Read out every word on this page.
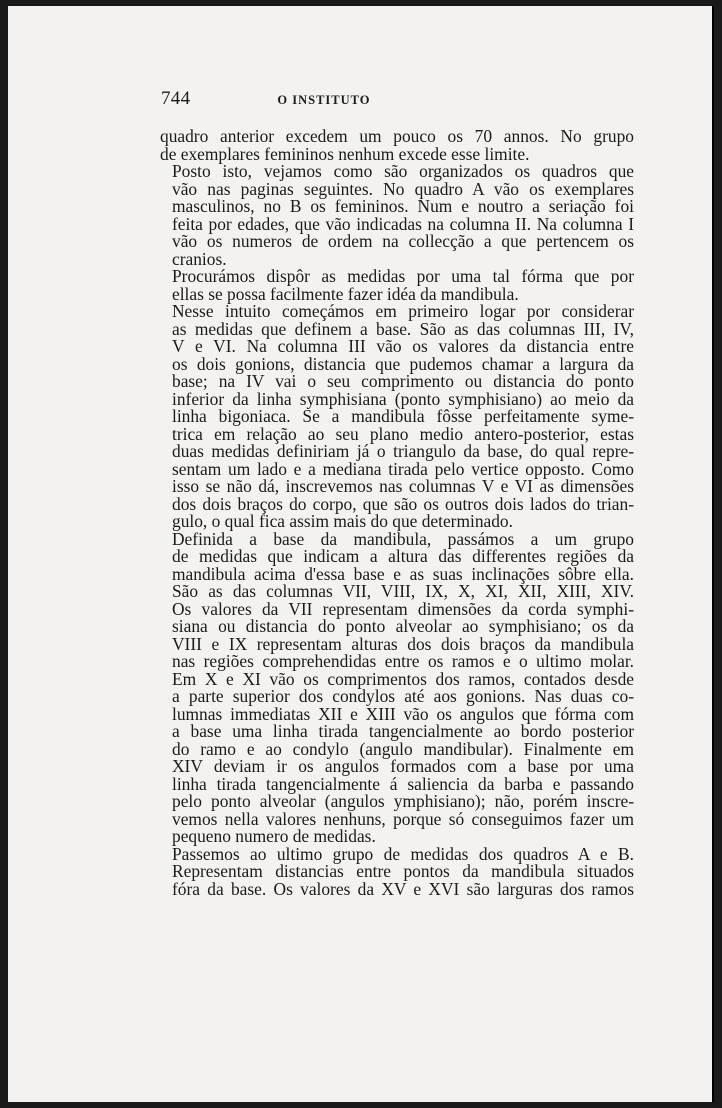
744	O INSTITUTO

quadro anterior excedem um pouco os 70 annos. No grupo
de exemplares femininos nenhum excede esse limite.

Posto isto, vejamos como são organizados os quadros que
vão nas paginas seguintes. No quadro A vão os exemplares
masculinos, no B os femininos. Num e noutro a seriação foi
feita por edades, que vão indicadas na columna II. Na columna I
vão os numeros de ordem na collecção a que pertencem os
cranios.

Procurámos dispôr as medidas por uma tal fórma que por
ellas se possa facilmente fazer idéa da mandibula.

Nesse intuito começámos em primeiro logar por considerar
as medidas que definem a base. São as das columnas III, IV,
V e VI. Na columna III vão os valores da distancia entre
os dois gonions, distancia que pudemos chamar a largura da
base; na IV vai o seu comprimento ou distancia do ponto
inferior da linha symphisiana (ponto symphisiano) ao meio da
linha bigoniaca. Se a mandibula fôsse perfeitamente syme-
trica em relação ao seu plano medio antero-posterior, estas
duas medidas definiriam já o triangulo da base, do qual repre-
sentam um lado e a mediana tirada pelo vertice opposto. Como
isso se não dá, inscrevemos nas columnas V e VI as dimensões
dos dois braços do corpo, que são os outros dois lados do trian-
gulo, o qual fica assim mais do que determinado.

Definida a base da mandibula, passámos a um grupo
de medidas que indicam a altura das differentes regiões da
mandibula acima d'essa base e as suas inclinações sôbre ella.
São as das columnas VII, VIII, IX, X, XI, XII, XIII, XIV.
Os valores da VII representam dimensões da corda symphi-
siana ou distancia do ponto alveolar ao symphisiano; os da
VIII e IX representam alturas dos dois braços da mandibula
nas regiões comprehendidas entre os ramos e o ultimo molar.
Em X e XI vão os comprimentos dos ramos, contados desde
a parte superior dos condylos até aos gonions. Nas duas co-
lumnas immediatas XII e XIII vão os angulos que fórma com
a base uma linha tirada tangencialmente ao bordo posterior
do ramo e ao condylo (angulo mandibular). Finalmente em
XIV deviam ir os angulos formados com a base por uma
linha tirada tangencialmente á saliencia da barba e passando
pelo ponto alveolar (angulos ymphisiano); não, porém inscre-
vemos nella valores nenhuns, porque só conseguimos fazer um
pequeno numero de medidas.

Passemos ao ultimo grupo de medidas dos quadros A e B.
Representam distancias entre pontos da mandibula situados
fóra da base. Os valores da XV e XVI são larguras dos ramos
